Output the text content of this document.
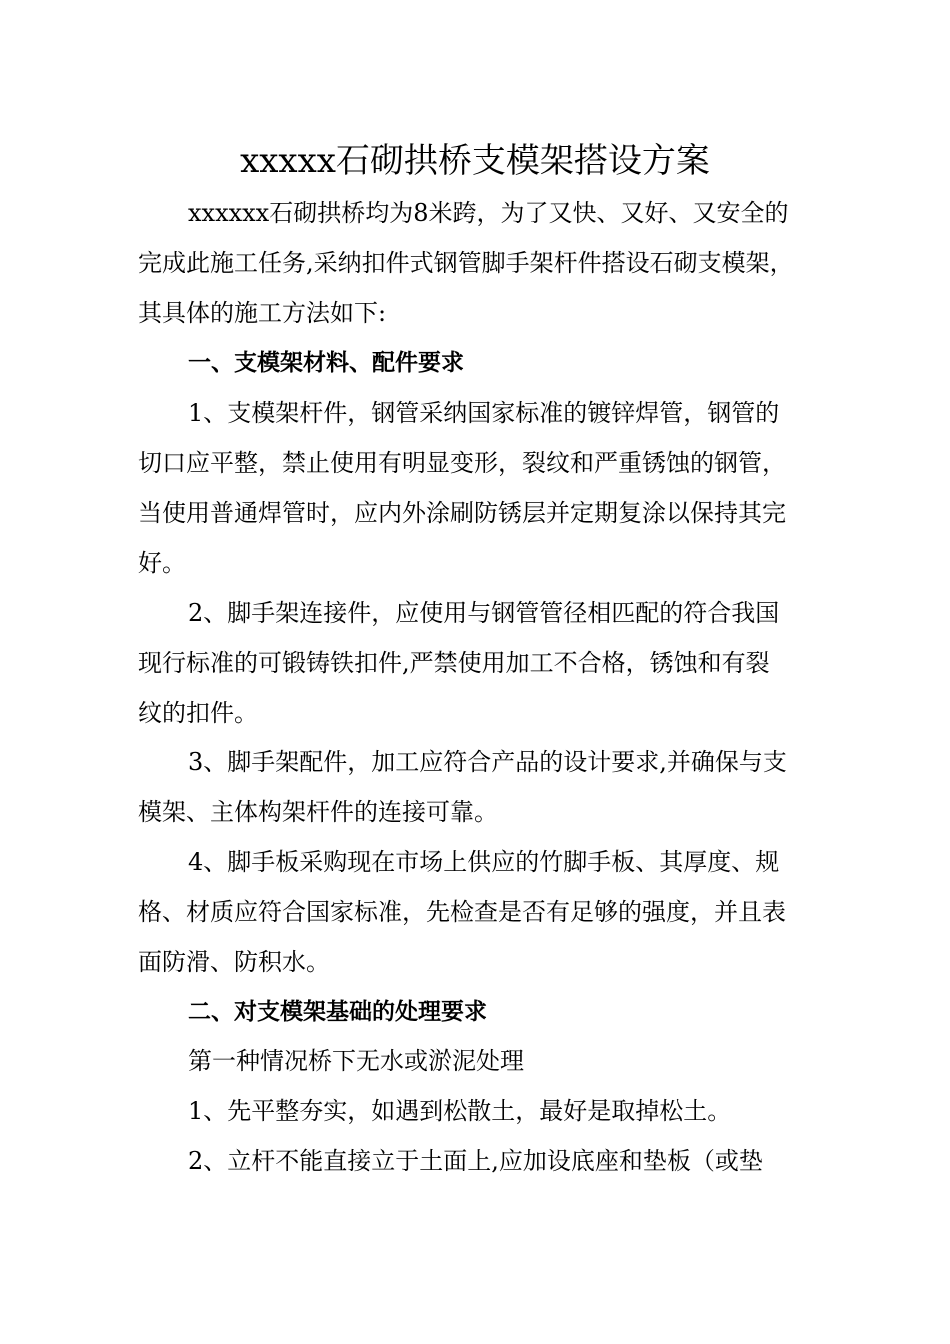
xxxxx石砌拱桥支模架搭设方案
xxxxxx石砌拱桥均为8米跨，为了又快、又好、又安全的
完成此施工任务,采纳扣件式钢管脚手架杆件搭设石砌支模架，
其具体的施工方法如下:
一、支模架材料、配件要求
1、支模架杆件，钢管采纳国家标准的镀锌焊管，钢管的
切口应平整，禁止使用有明显变形，裂纹和严重锈蚀的钢管，
当使用普通焊管时，应内外涂刷防锈层并定期复涂以保持其完
好。
2、脚手架连接件，应使用与钢管管径相匹配的符合我国
现行标准的可锻铸铁扣件,严禁使用加工不合格，锈蚀和有裂
纹的扣件。
3、脚手架配件，加工应符合产品的设计要求,并确保与支
模架、主体构架杆件的连接可靠。
4、脚手板采购现在市场上供应的竹脚手板、其厚度、规
格、材质应符合国家标准，先检查是否有足够的强度，并且表
面防滑、防积水。
二、对支模架基础的处理要求
第一种情况桥下无水或淤泥处理
1、先平整夯实，如遇到松散土，最好是取掉松土。
2、立杆不能直接立于土面上,应加设底座和垫板（或垫
